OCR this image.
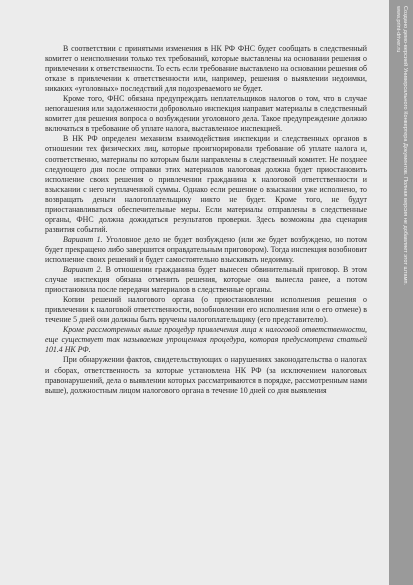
В соответствии с принятыми изменения в НК РФ ФНС будет сообщать в следственный комитет о неисполнении только тех требований, которые выставлены на основании решения о привлечении к ответственности. То есть если требование выставлено на основании решения об отказе в привлечении к ответственности или, например, решения о выявлении недоимки, никаких «уголовных» последствий для подозреваемого не будет.

Кроме того, ФНС обязана предупреждать неплательщиков налогов о том, что в случае непогашения или задолженности добровольно инспекция направит материалы в следственный комитет для решения вопроса о возбуждении уголовного дела. Такое предупреждение должно включаться в требование об уплате налога, выставленное инспекцией.

В НК РФ определен механизм взаимодействия инспекции и следственных органов в отношении тех физических лиц, которые проигнорировали требование об уплате налога и, соответственно, материалы по которым были направлены в следственный комитет. Не позднее следующего дня после отправки этих материалов налоговая должна будет приостановить исполнение своих решения о привлечении гражданина к налоговой ответственности и взыскании с него неуплаченной суммы. Однако если решение о взыскании уже исполнено, то возвращать деньги налогоплательщику никто не будет. Кроме того, не будут приостанавливаться обеспечительные меры. Если материалы отправлены в следственные органы, ФНС должна дожидаться результатов проверки. Здесь возможны два сценария развития событий.

Вариант 1. Уголовное дело не будет возбуждено (или же будет возбуждено, но потом будет прекращено либо завершится оправдательным приговором). Тогда инспекция возобновит исполнение своих решений и будет самостоятельно взыскивать недоимку.

Вариант 2. В отношении гражданина будет вынесен обвинительный приговор. В этом случае инспекция обязана отменить решения, которые она вынесла ранее, а потом приостановила после передачи материалов в следственные органы.

Копии решений налогового органа (о приостановлении исполнения решения о привлечении к налоговой ответственности, возобновлении его исполнения или о его отмене) в течение 5 дней они должны быть вручены налогоплательщику (его представителю).

Кроме рассмотренных выше процедур привлечения лица к налоговой ответственности, еще существует так называемая упрощенная процедура, которая предусмотрена статьей 101.4 НК РФ.

При обнаружении фактов, свидетельствующих о нарушениях законодательства о налогах и сборах, ответственность за которые установлена НК РФ (за исключением налоговых правонарушений, дела о выявлении которых рассматриваются в порядке, рассмотренным нами выше), должностным лицом налогового органа в течение 10 дней со дня выявления

Создано демо-версией Универсального Конвертера Документов. Полная версия не добавляет этот штамп.
www.print-driver.ru
